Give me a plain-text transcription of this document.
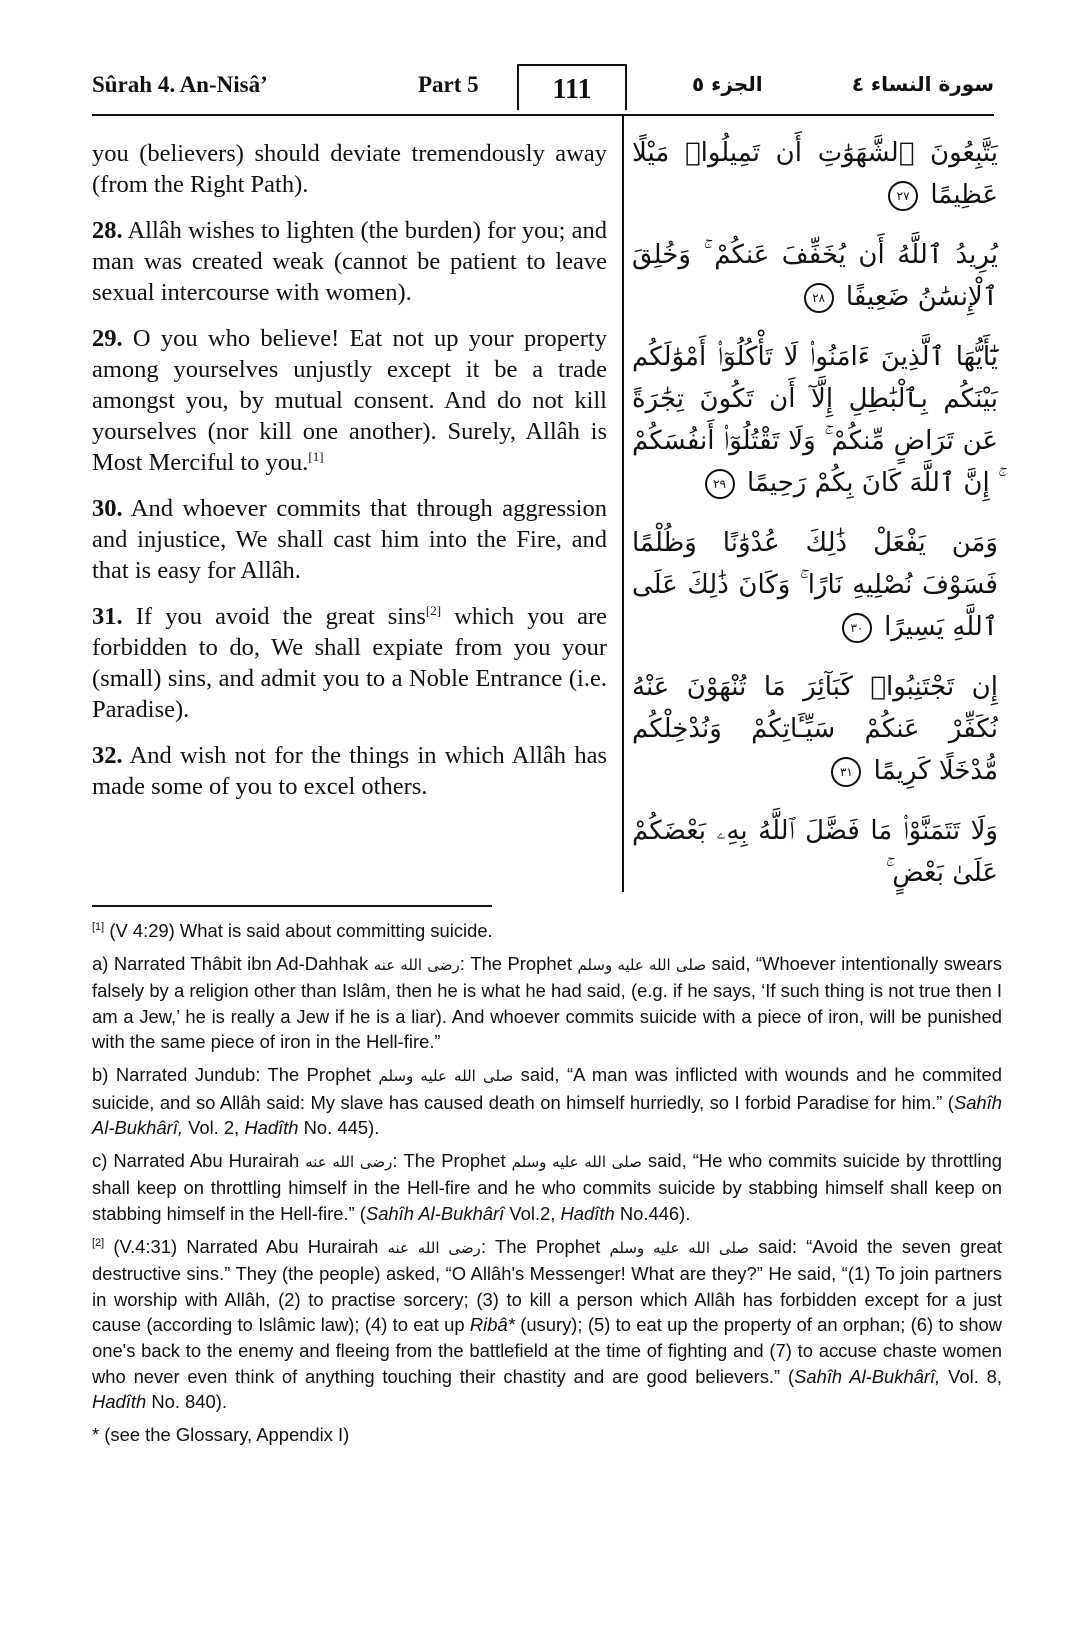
Sûrah 4. An-Nisâ’	Part 5	111	الجزء ٥	سورة النساء ٤

you (believers) should deviate tremendously away (from the Right Path).

28. Allâh wishes to lighten (the burden) for you; and man was created weak (cannot be patient to leave sexual intercourse with women).

29. O you who believe! Eat not up your property among yourselves unjustly except it be a trade amongst you, by mutual consent. And do not kill yourselves (nor kill one another). Surely, Allâh is Most Merciful to you.[1]

30. And whoever commits that through aggression and injustice, We shall cast him into the Fire, and that is easy for Allâh.

31. If you avoid the great sins[2] which you are forbidden to do, We shall expiate from you your (small) sins, and admit you to a Noble Entrance (i.e. Paradise).

32. And wish not for the things in which Allâh has made some of you to excel others.

يَتَّبِعُونَ ٱلشَّهَوَٰتِ أَن تَمِيلُوا۟ مَيْلًا عَظِيمًا ٢٧

يُرِيدُ ٱللَّهُ أَن يُخَفِّفَ عَنكُمْ ۚ وَخُلِقَ ٱلْإِنسَٰنُ ضَعِيفًا ٢٨

يَٰٓأَيُّهَا ٱلَّذِينَ ءَامَنُوا۟ لَا تَأْكُلُوٓا۟ أَمْوَٰلَكُم بَيْنَكُم بِٱلْبَٰطِلِ إِلَّآ أَن تَكُونَ تِجَٰرَةً عَن تَرَاضٍ مِّنكُمْ ۚ وَلَا تَقْتُلُوٓا۟ أَنفُسَكُمْ ۚ إِنَّ ٱللَّهَ كَانَ بِكُمْ رَحِيمًا ٢٩

وَمَن يَفْعَلْ ذَٰلِكَ عُدْوَٰنًا وَظُلْمًا فَسَوْفَ نُصْلِيهِ نَارًا ۚ وَكَانَ ذَٰلِكَ عَلَى ٱللَّهِ يَسِيرًا ٣٠

إِن تَجْتَنِبُوا۟ كَبَآئِرَ مَا تُنْهَوْنَ عَنْهُ نُكَفِّرْ عَنكُمْ سَيِّـَٔاتِكُمْ وَنُدْخِلْكُم مُّدْخَلًا كَرِيمًا ٣١

وَلَا تَتَمَنَّوْا۟ مَا فَضَّلَ ٱللَّهُ بِهِۦ بَعْضَكُمْ عَلَىٰ بَعْضٍ ۚ

[1] (V 4:29) What is said about committing suicide.

a) Narrated Thâbit ibn Ad-Dahhak رضى الله عنه: The Prophet صلى الله عليه وسلم said, “Whoever intentionally swears falsely by a religion other than Islâm, then he is what he had said, (e.g. if he says, ‘If such thing is not true then I am a Jew,’ he is really a Jew if he is a liar). And whoever commits suicide with a piece of iron, will be punished with the same piece of iron in the Hell-fire.”

b) Narrated Jundub: The Prophet صلى الله عليه وسلم said, “A man was inflicted with wounds and he commited suicide, and so Allâh said: My slave has caused death on himself hurriedly, so I forbid Paradise for him.” (Sahîh Al-Bukhârî, Vol. 2, Hadîth No. 445).

c) Narrated Abu Hurairah رضى الله عنه: The Prophet صلى الله عليه وسلم said, “He who commits suicide by throttling shall keep on throttling himself in the Hell-fire and he who commits suicide by stabbing himself shall keep on stabbing himself in the Hell-fire.” (Sahîh Al-Bukhârî Vol.2, Hadîth No.446).

[2] (V.4:31) Narrated Abu Hurairah رضى الله عنه: The Prophet صلى الله عليه وسلم said: “Avoid the seven great destructive sins.” They (the people) asked, “O Allâh's Messenger! What are they?” He said, “(1) To join partners in worship with Allâh, (2) to practise sorcery; (3) to kill a person which Allâh has forbidden except for a just cause (according to Islâmic law); (4) to eat up Ribâ* (usury); (5) to eat up the property of an orphan; (6) to show one's back to the enemy and fleeing from the battlefield at the time of fighting and (7) to accuse chaste women who never even think of anything touching their chastity and are good believers.” (Sahîh Al-Bukhârî, Vol. 8, Hadîth No. 840).

* (see the Glossary, Appendix I)
